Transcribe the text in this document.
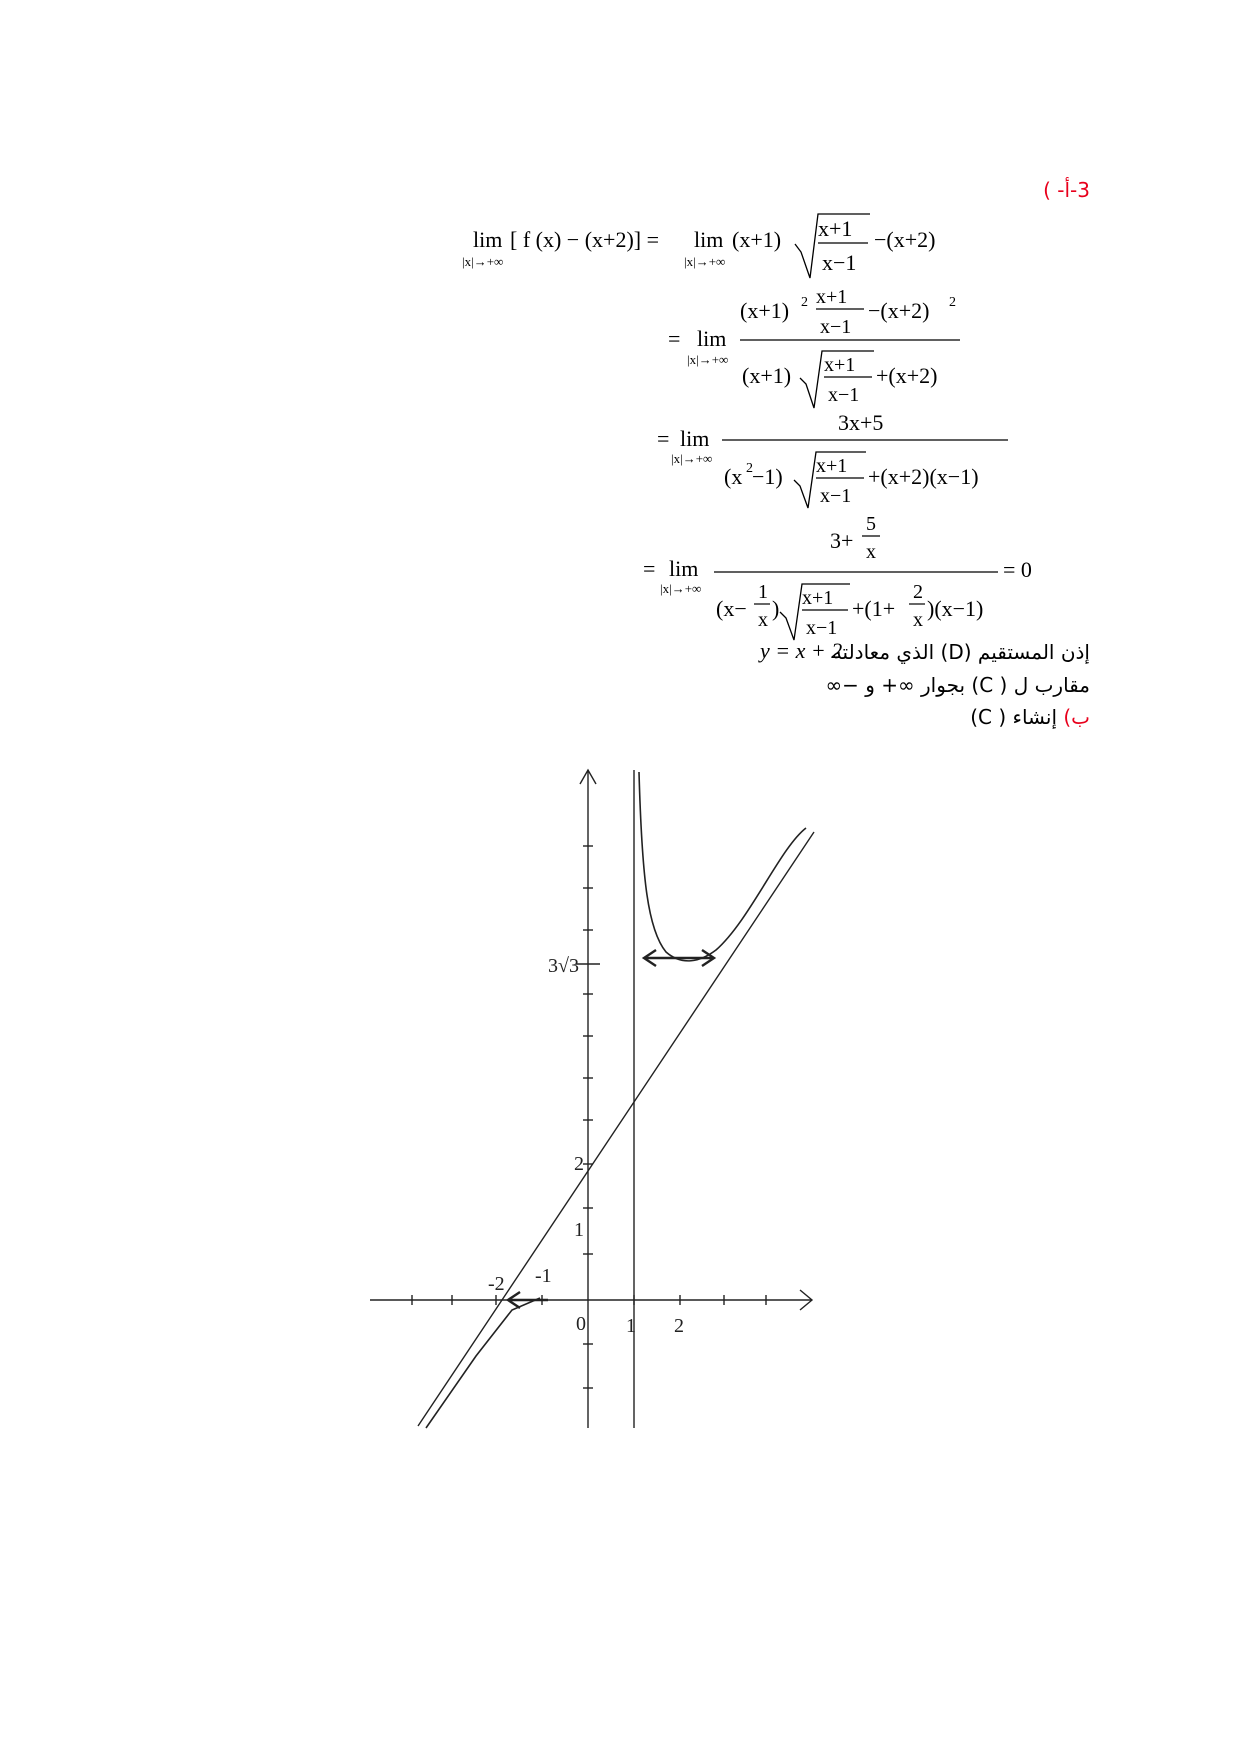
3-أ- )
lim
|x|→+∞
[ f (x) − (x+2)] = lim
|x|→+∞
(x+1) x+1
x−1
−(x+2)
= lim
|x|→+∞
(x+1) 2 x+1
x−1
−(x+2) 2
(x+1) x+1
x−1
+(x+2)
= lim
|x|→+∞
3x+5
(x 2 −1) x+1
x−1
+(x+2)(x−1)
= lim
|x|→+∞
3+
5
x
= 0
(x−
1
x ) x+1
x−1
+(1+
2
x )(x−1)
إذن المستقيم (D) الذي معادلته
y = x + 2
مقارب ل ( C) بجوار ∞+ و −∞
ب) إنشاء ( C)
3√3
2
1
-2 -1
0 1 2
